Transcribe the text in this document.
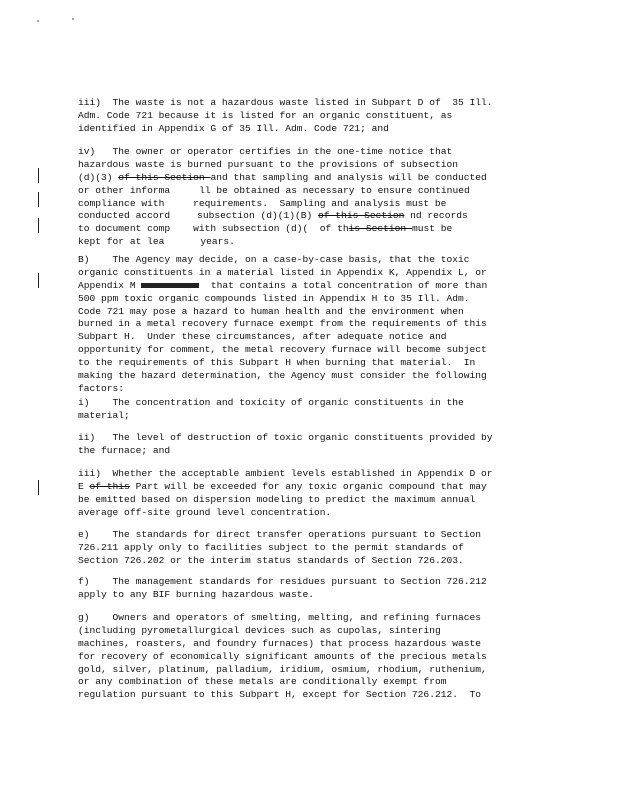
iii)  The waste is not a hazardous waste listed in Subpart D of  35 Ill.
Adm. Code 721 because it is listed for an organic constituent, as
identified in Appendix G of 35 Ill. Adm. Code 721; and
iv)   The owner or operator certifies in the one-time notice that
hazardous waste is burned pursuant to the provisions of subsection
(d)(3) of this Section and that sampling and analysis will be conducted
or other informa	ll be obtained as necessary to ensure continued
compliance with requirements.  Sampling and analysis must be
conducted accord	subsection (d)(1)(B) of this Section nd records
to document comp with subsection (d)(  of this Section must be
kept for at lea	years.
B)    The Agency may decide, on a case-by-case basis, that the toxic
organic constituents in a material listed in Appendix K, Appendix L, or
Appendix M	that contains a total concentration of more than
500 ppm toxic organic compounds listed in Appendix H to 35 Ill. Adm.
Code 721 may pose a hazard to human health and the environment when
burned in a metal recovery furnace exempt from the requirements of this
Subpart H.  Under these circumstances, after adequate notice and
opportunity for comment, the metal recovery furnace will become subject
to the requirements of this Subpart H when burning that material.  In
making the hazard determination, the Agency must consider the following
factors:
i)    The concentration and toxicity of organic constituents in the
material;
ii)   The level of destruction of toxic organic constituents provided by
the furnace; and
iii)  Whether the acceptable ambient levels established in Appendix D or
E of this Part will be exceeded for any toxic organic compound that may
be emitted based on dispersion modeling to predict the maximum annual
average off-site ground level concentration.
e)    The standards for direct transfer operations pursuant to Section
726.211 apply only to facilities subject to the permit standards of
Section 726.202 or the interim status standards of Section 726.203.
f)    The management standards for residues pursuant to Section 726.212
apply to any BIF burning hazardous waste.
g)    Owners and operators of smelting, melting, and refining furnaces
(including pyrometallurgical devices such as cupolas, sintering
machines, roasters, and foundry furnaces) that process hazardous waste
for recovery of economically significant amounts of the precious metals
gold, silver, platinum, palladium, iridium, osmium, rhodium, ruthenium,
or any combination of these metals are conditionally exempt from
regulation pursuant to this Subpart H, except for Section 726.212.  To
